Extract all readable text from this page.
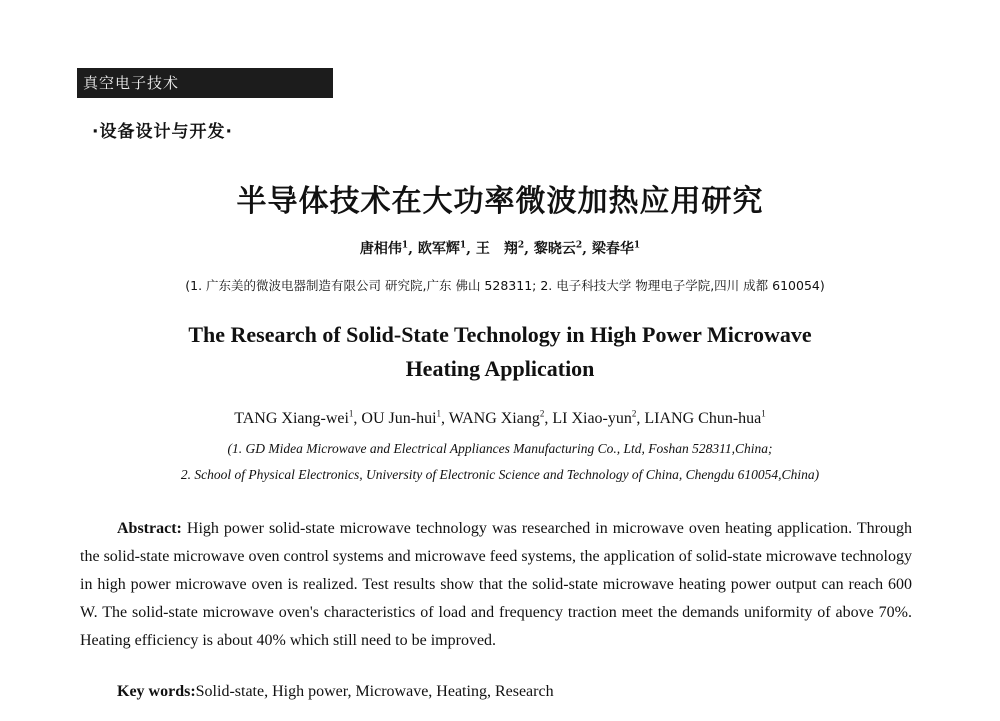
真空电子技术
·设备设计与开发·
半导体技术在大功率微波加热应用研究
唐相伟$^1$, 欧军辉$^1$, 王　翔$^2$, 黎晓云$^2$, 梁春华$^1$
(1. 广东美的微波电器制造有限公司 研究院,广东 佛山 528311; 2. 电子科技大学 物理电子学院,四川 成都 610054)
The Research of Solid-State Technology in High Power Microwave
Heating Application
TANG Xiang-wei$^1$, OU Jun-hui$^1$, WANG Xiang$^2$, LI Xiao-yun$^2$, LIANG Chun-hua$^1$
(1. GD Midea Microwave and Electrical Appliances Manufacturing Co., Ltd, Foshan 528311,China;
2. School of Physical Electronics, University of Electronic Science and Technology of China, Chengdu 610054,China)

Abstract: High power solid-state microwave technology was researched in microwave oven heating application. Through the solid-state microwave oven control systems and microwave feed systems, the application of solid-state microwave technology in high power microwave oven is realized. Test results show that the solid-state microwave heating power output can reach 600 W. The solid-state microwave oven's characteristics of load and frequency traction meet the demands uniformity of above 70%. Heating efficiency is about 40% which still need to be improved.

Key words:Solid-state, High power, Microwave, Heating, Research
